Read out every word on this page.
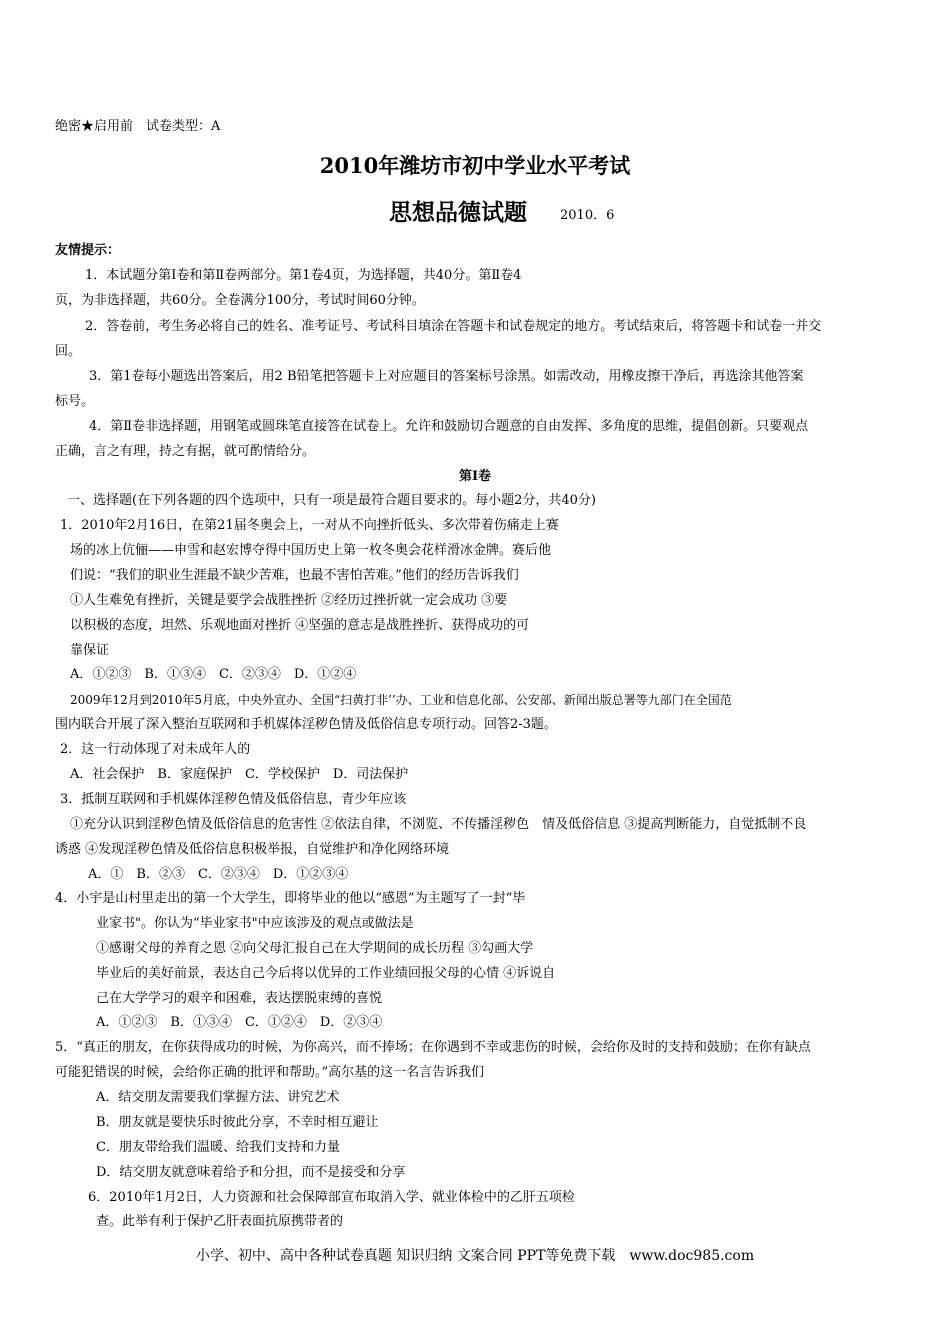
绝密★启用前　试卷类型：A
2010年潍坊市初中学业水平考试
思想品德试题	2010．6
友情提示：
1．本试题分第Ⅰ卷和第Ⅱ卷两部分。第1卷4页，为选择题，共40分。第Ⅱ卷4
页，为非选择题，共60分。全卷满分100分，考试时间60分钟。
2．答卷前，考生务必将自己的姓名、准考证号、考试科目填涂在答题卡和试卷规定的地方。考试结束后，将答题卡和试卷一并交
回。
3．第1卷每小题选出答案后，用2 B铅笔把答题卡上对应题目的答案标号涂黑。如需改动，用橡皮擦干净后，再选涂其他答案
标号。
4．第Ⅱ卷非选择题，用钢笔或圆珠笔直接答在试卷上。允许和鼓励切合题意的自由发挥、多角度的思维，提倡创新。只要观点
正确，言之有理，持之有据，就可酌情给分。
第Ⅰ卷
一、选择题(在下列各题的四个选项中，只有一项是最符合题目要求的。每小题2分，共40分)
1．2010年2月16日，在第21届冬奥会上，一对从不向挫折低头、多次带着伤痛走上赛
场的冰上伉俪——申雪和赵宏博夺得中国历史上第一枚冬奥会花样滑冰金牌。赛后他
们说：“我们的职业生涯最不缺少苦难，也最不害怕苦难。”他们的经历告诉我们
①人生难免有挫折，关键是要学会战胜挫折 ②经历过挫折就一定会成功 ③要
以积极的态度，坦然、乐观地面对挫折 ④坚强的意志是战胜挫折、获得成功的可
靠保证
A．①②③　B．①③④　C．②③④　D．①②④
2009年12月到2010年5月底，中央外宣办、全国“扫黄打非’’办、工业和信息化部、公安部、新闻出版总署等九部门在全国范
围内联合开展了深入整治互联网和手机媒体淫秽色情及低俗信息专项行动。回答2-3题。
2．这一行动体现了对未成年人的
A．社会保护　B．家庭保护　C．学校保护　D．司法保护
3．抵制互联网和手机媒体淫秽色情及低俗信息，青少年应该
①充分认识到淫秽色情及低俗信息的危害性 ②依法自律，不浏览、不传播淫秽色　情及低俗信息 ③提高判断能力，自觉抵制不良
诱惑 ④发现淫秽色情及低俗信息积极举报，自觉维护和净化网络环境
A．①　B．②③　C．②③④　D．①②③④
4．小宇是山村里走出的第一个大学生，即将毕业的他以“感恩”为主题写了一封“毕
业家书"。你认为“毕业家书"中应该涉及的观点或做法是
①感谢父母的养育之恩 ②向父母汇报自己在大学期间的成长历程 ③勾画大学
毕业后的美好前景，表达自己今后将以优异的工作业绩回报父母的心情 ④诉说自
己在大学学习的艰辛和困难，表达摆脱束缚的喜悦
A．①②③　B．①③④　C．①②④　D．②③④
5．“真正的朋友，在你获得成功的时候，为你高兴，而不捧场；在你遇到不幸或悲伤的时候，会给你及时的支持和鼓励；在你有缺点
可能犯错误的时候，会给你正确的批评和帮助。”高尔基的这一名言告诉我们
A．结交朋友需要我们掌握方法、讲究艺术
B．朋友就是要快乐时彼此分享，不幸时相互避让
C．朋友带给我们温暖、给我们支持和力量
D．结交朋友就意味着给予和分担，而不是接受和分享
6．2010年1月2日，人力资源和社会保障部宣布取消入学、就业体检中的乙肝五项检
查。此举有利于保护乙肝表面抗原携带者的
小学、初中、高中各种试卷真题 知识归纳 文案合同 PPT等免费下载　www.doc985.com
